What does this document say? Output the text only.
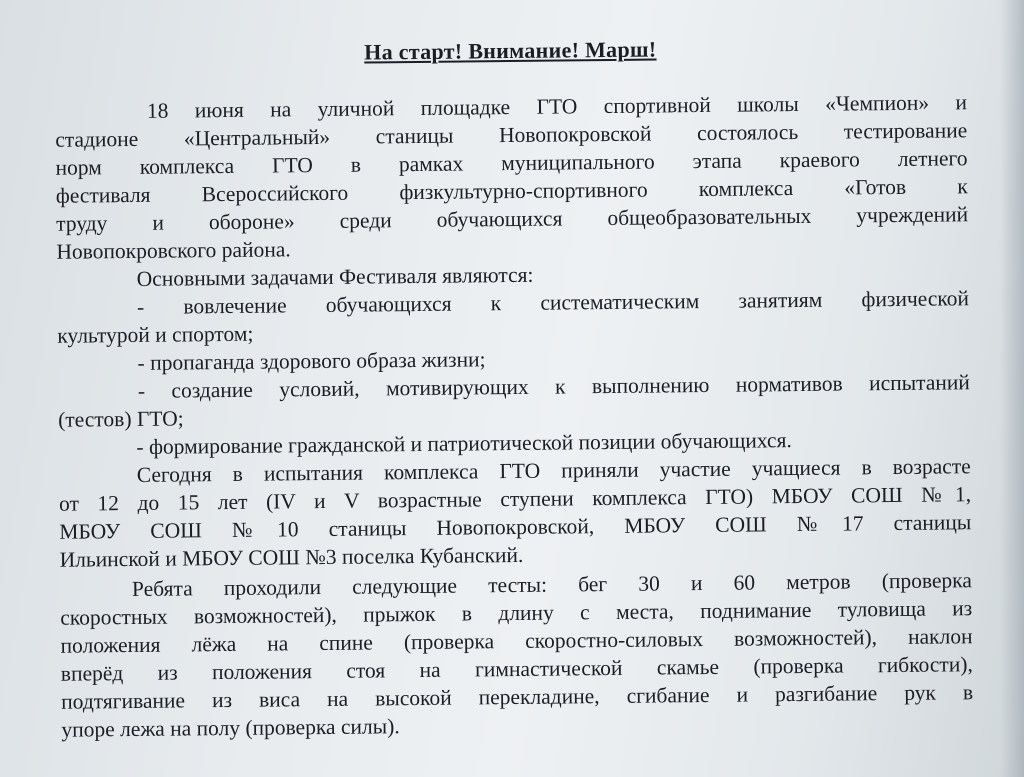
На старт! Внимание! Марш!
18 июня на уличной площадке ГТО спортивной школы «Чемпион» и
стадионе «Центральный» станицы Новопокровской состоялось тестирование
норм комплекса ГТО в рамках муниципального этапа краевого летнего
фестиваля Всероссийского физкультурно-спортивного комплекса «Готов к
труду и обороне» среди обучающихся общеобразовательных учреждений
Новопокровского района.
Основными задачами Фестиваля являются:
- вовлечение обучающихся к систематическим занятиям физической
культурой и спортом;
- пропаганда здорового образа жизни;
- создание условий, мотивирующих к выполнению нормативов испытаний
(тестов) ГТО;
- формирование гражданской и патриотической позиции обучающихся.
Сегодня в испытания комплекса ГТО приняли участие учащиеся в возрасте
от 12 до 15 лет (IV и V возрастные ступени комплекса ГТО) МБОУ СОШ №1,
МБОУ СОШ №10 станицы Новопокровской, МБОУ СОШ №17 станицы
Ильинской и МБОУ СОШ №3 поселка Кубанский.
Ребята проходили следующие тесты: бег 30 и 60 метров (проверка
скоростных возможностей), прыжок в длину с места, поднимание туловища из
положения лёжа на спине (проверка скоростно-силовых возможностей), наклон
вперёд из положения стоя на гимнастической скамье (проверка гибкости),
подтягивание из виса на высокой перекладине, сгибание и разгибание рук в
упоре лежа на полу (проверка силы).
